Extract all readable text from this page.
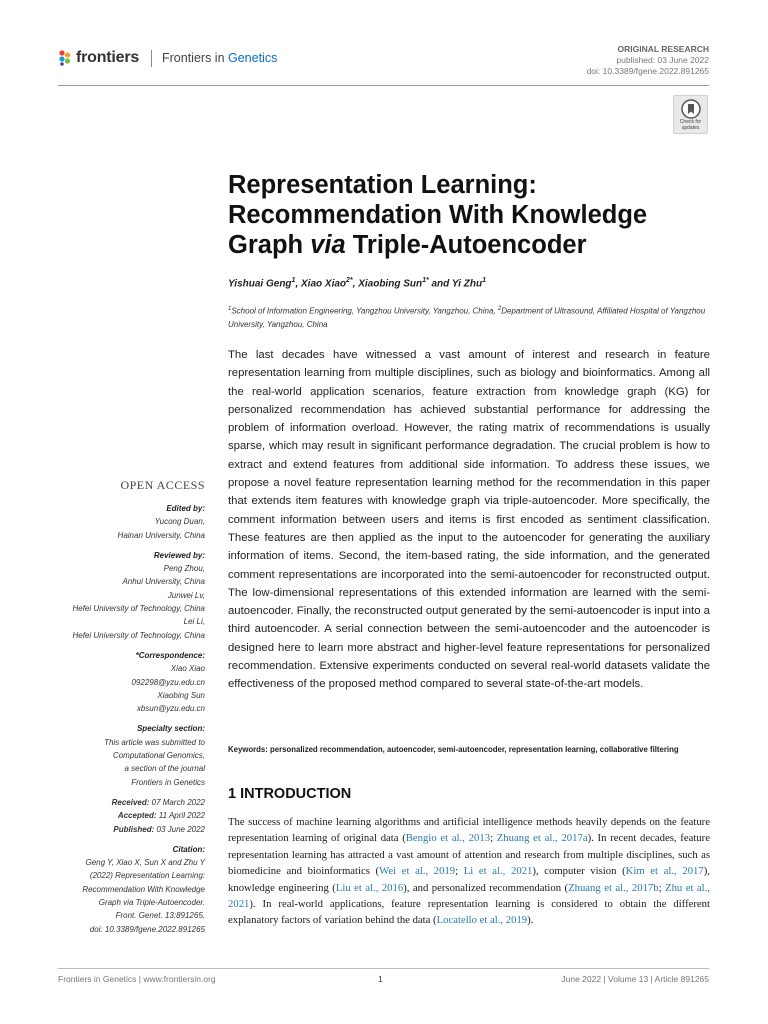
frontiers Frontiers in Genetics
ORIGINAL RESEARCH
published: 03 June 2022
doi: 10.3389/fgene.2022.891265
Check for updates
Representation Learning:
Recommendation With Knowledge
Graph via Triple-Autoencoder
Yishuai Geng$^1$, Xiao Xiao$^{2*}$, Xiaobing Sun$^{1*}$ and Yi Zhu$^1$
$^1$School of Information Engineering, Yangzhou University, Yangzhou, China, $^2$Department of Ultrasound, Affiliated Hospital of Yangzhou University, Yangzhou, China
The last decades have witnessed a vast amount of interest and research in feature representation learning from multiple disciplines, such as biology and bioinformatics. Among all the real-world application scenarios, feature extraction from knowledge graph (KG) for personalized recommendation has achieved substantial performance for addressing the problem of information overload. However, the rating matrix of recommendations is usually sparse, which may result in significant performance degradation. The crucial problem is how to extract and extend features from additional side information. To address these issues, we propose a novel feature representation learning method for the recommendation in this paper that extends item features with knowledge graph via triple-autoencoder. More specifically, the comment information between users and items is first encoded as sentiment classification. These features are then applied as the input to the autoencoder for generating the auxiliary information of items. Second, the item-based rating, the side information, and the generated comment representations are incorporated into the semi-autoencoder for reconstructed output. The low-dimensional representations of this extended information are learned with the semi-autoencoder. Finally, the reconstructed output generated by the semi-autoencoder is input into a third autoencoder. A serial connection between the semi-autoencoder and the autoencoder is designed here to learn more abstract and higher-level feature representations for personalized recommendation. Extensive experiments conducted on several real-world datasets validate the effectiveness of the proposed method compared to several state-of-the-art models.
Keywords: personalized recommendation, autoencoder, semi-autoencoder, representation learning, collaborative filtering
1 INTRODUCTION
The success of machine learning algorithms and artificial intelligence methods heavily depends on the feature representation learning of original data (Bengio et al., 2013; Zhuang et al., 2017a). In recent decades, feature representation learning has attracted a vast amount of attention and research from multiple disciplines, such as biomedicine and bioinformatics (Wei et al., 2019; Li et al., 2021), computer vision (Kim et al., 2017), knowledge engineering (Liu et al., 2016), and personalized recommendation (Zhuang et al., 2017b; Zhu et al., 2021). In real-world applications, feature representation learning is considered to obtain the different explanatory factors of variation behind the data (Locatello et al., 2019).
OPEN ACCESS
Edited by:
Yucong Duan,
Hainan University, China
Reviewed by:
Peng Zhou,
Anhui University, China
Junwei Lv,
Hefei University of Technology, China
Lei Li,
Hefei University of Technology, China
*Correspondence:
Xiao Xiao
092298@yzu.edu.cn
Xiaobing Sun
xbsun@yzu.edu.cn
Specialty section:
This article was submitted to
Computational Genomics,
a section of the journal
Frontiers in Genetics
Received: 07 March 2022
Accepted: 11 April 2022
Published: 03 June 2022
Citation:
Geng Y, Xiao X, Sun X and Zhu Y
(2022) Representation Learning:
Recommendation With Knowledge
Graph via Triple-Autoencoder.
Front. Genet. 13:891265.
doi: 10.3389/fgene.2022.891265
Frontiers in Genetics | www.frontiersin.org	1	June 2022 | Volume 13 | Article 891265
